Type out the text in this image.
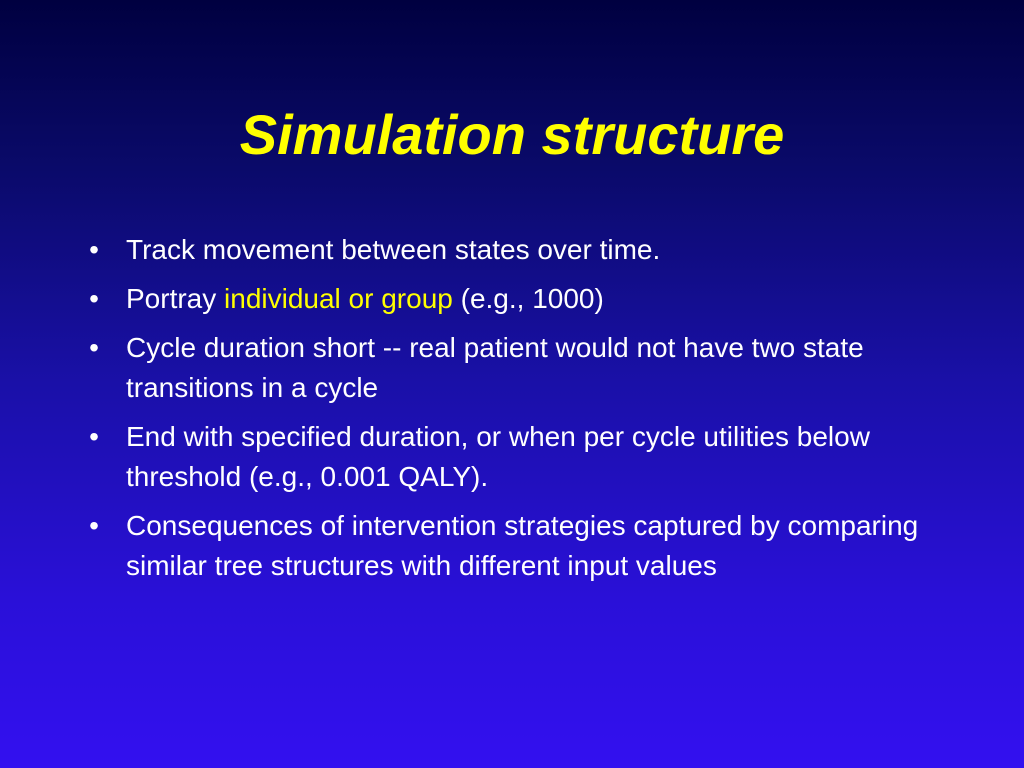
Simulation structure
• Track movement between states over time.
• Portray individual or group (e.g., 1000)
• Cycle duration short -- real patient would not have two state transitions in a cycle
• End with specified duration, or when per cycle utilities below threshold (e.g., 0.001 QALY).
• Consequences of intervention strategies captured by comparing similar tree structures with different input values
